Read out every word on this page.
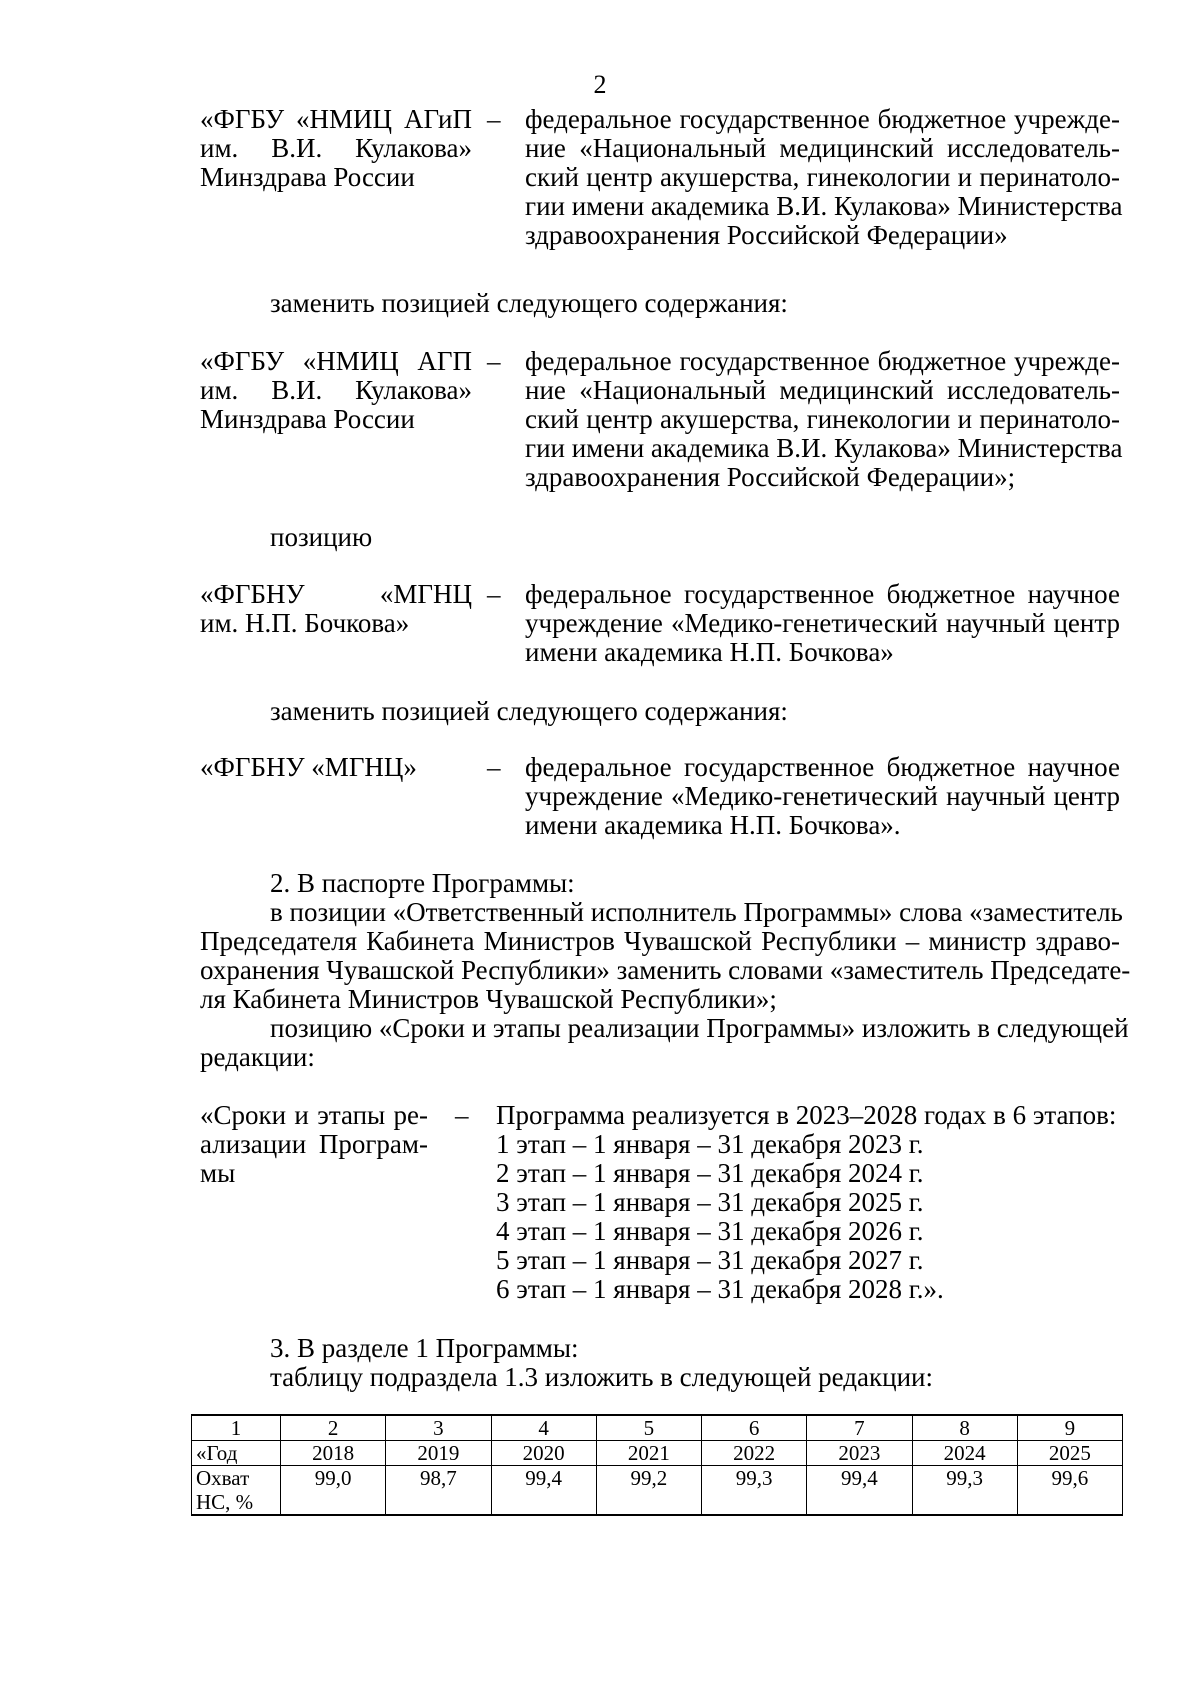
2
«ФГБУ «НМИЦ АГиП
им. В.И. Кулакова»
Минздрава России
– федеральное государственное бюджетное учрежде-
ние «Национальный медицинский исследователь-
ский центр акушерства, гинекологии и перинатоло-
гии имени академика В.И. Кулакова» Министерства
здравоохранения Российской Федерации»
заменить позицией следующего содержания:
«ФГБУ «НМИЦ АГП
им. В.И. Кулакова»
Минздрава России
– федеральное государственное бюджетное учрежде-
ние «Национальный медицинский исследователь-
ский центр акушерства, гинекологии и перинатоло-
гии имени академика В.И. Кулакова» Министерства
здравоохранения Российской Федерации»;
позицию
«ФГБНУ «МГНЦ
им. Н.П. Бочкова»
– федеральное государственное бюджетное научное
учреждение «Медико-генетический научный центр
имени академика Н.П. Бочкова»
заменить позицией следующего содержания:
«ФГБНУ «МГНЦ»	– федеральное государственное бюджетное научное
учреждение «Медико-генетический научный центр
имени академика Н.П. Бочкова».
2. В паспорте Программы:
в позиции «Ответственный исполнитель Программы» слова «заместитель
Председателя Кабинета Министров Чувашской Республики – министр здраво-
охранения Чувашской Республики» заменить словами «заместитель Председате-
ля Кабинета Министров Чувашской Республики»;
позицию «Сроки и этапы реализации Программы» изложить в следующей
редакции:
«Сроки и этапы ре-
ализации Програм-
мы
– Программа реализуется в 2023–2028 годах в 6 этапов:
1 этап – 1 января – 31 декабря 2023 г.
2 этап – 1 января – 31 декабря 2024 г.
3 этап – 1 января – 31 декабря 2025 г.
4 этап – 1 января – 31 декабря 2026 г.
5 этап – 1 января – 31 декабря 2027 г.
6 этап – 1 января – 31 декабря 2028 г.».
3. В разделе 1 Программы:
таблицу подраздела 1.3 изложить в следующей редакции:
1	2	3	4	5	6	7	8	9
«Год	2018	2019	2020	2021	2022	2023	2024	2025
Охват
НС, %	99,0	98,7	99,4	99,2	99,3	99,4	99,3	99,6
